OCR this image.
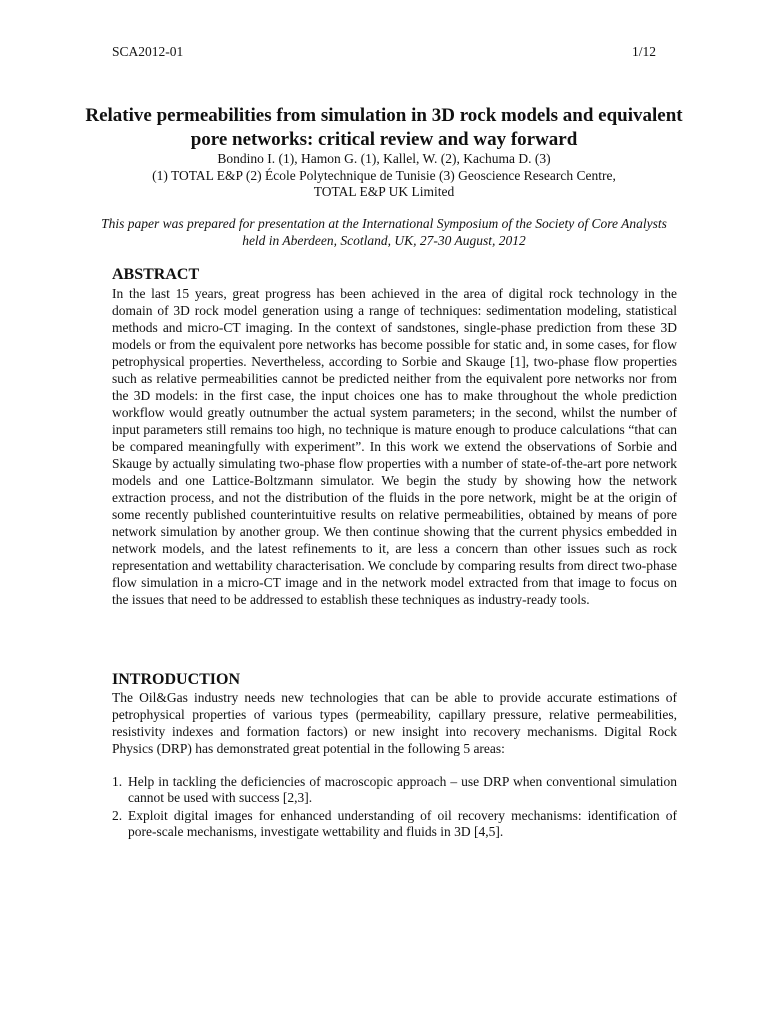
SCA2012-01	1/12
Relative permeabilities from simulation in 3D rock models and equivalent pore networks: critical review and way forward
Bondino I. (1), Hamon G. (1), Kallel, W. (2), Kachuma D. (3)
(1) TOTAL E&P (2) École Polytechnique de Tunisie (3) Geoscience Research Centre,
TOTAL E&P UK Limited
This paper was prepared for presentation at the International Symposium of the Society of Core Analysts held in Aberdeen, Scotland, UK, 27-30 August, 2012
ABSTRACT

In the last 15 years, great progress has been achieved in the area of digital rock technology in the domain of 3D rock model generation using a range of techniques: sedimentation modeling, statistical methods and micro-CT imaging. In the context of sandstones, single-phase prediction from these 3D models or from the equivalent pore networks has become possible for static and, in some cases, for flow petrophysical properties. Nevertheless, according to Sorbie and Skauge [1], two-phase flow properties such as relative permeabilities cannot be predicted neither from the equivalent pore networks nor from the 3D models: in the first case, the input choices one has to make throughout the whole prediction workflow would greatly outnumber the actual system parameters; in the second, whilst the number of input parameters still remains too high, no technique is mature enough to produce calculations “that can be compared meaningfully with experiment”. In this work we extend the observations of Sorbie and Skauge by actually simulating two-phase flow properties with a number of state-of-the-art pore network models and one Lattice-Boltzmann simulator. We begin the study by showing how the network extraction process, and not the distribution of the fluids in the pore network, might be at the origin of some recently published counterintuitive results on relative permeabilities, obtained by means of pore network simulation by another group. We then continue showing that the current physics embedded in network models, and the latest refinements to it, are less a concern than other issues such as rock representation and wettability characterisation. We conclude by comparing results from direct two-phase flow simulation in a micro-CT image and in the network model extracted from that image to focus on the issues that need to be addressed to establish these techniques as industry-ready tools.

INTRODUCTION

The Oil&Gas industry needs new technologies that can be able to provide accurate estimations of petrophysical properties of various types (permeability, capillary pressure, relative permeabilities, resistivity indexes and formation factors) or new insight into recovery mechanisms. Digital Rock Physics (DRP) has demonstrated great potential in the following 5 areas:

1. Help in tackling the deficiencies of macroscopic approach – use DRP when conventional simulation cannot be used with success [2,3].
2. Exploit digital images for enhanced understanding of oil recovery mechanisms: identification of pore-scale mechanisms, investigate wettability and fluids in 3D [4,5].
